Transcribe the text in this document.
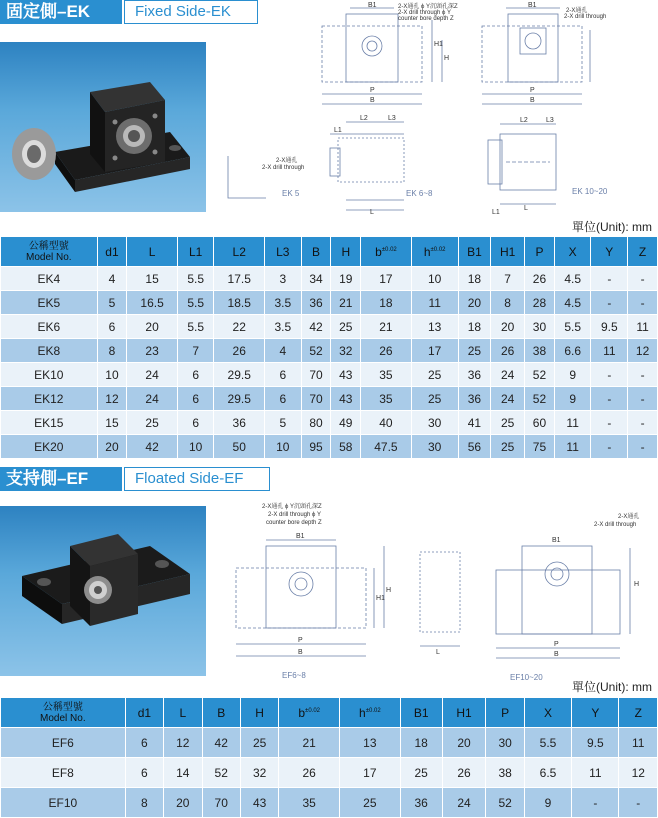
固定側–EK	Fixed Side-EK	2-X通孔 ϕ Y沉頭孔深Z
2-X drill through ϕ Y
counter bore depth Z
2-X通孔
2-X drill through
2-X通孔
2-X drill through
B1
P
B
H1
H
B1
P
B
L2	L3
L1
L
L2	L3
L
L1
EK 5	EK 6~8	EK 10~20
單位(Unit): mm
公稱型號
Model No.	d1	L	L1	L2	L3	B	H	$b^{\pm 0.02}$	$h^{\pm 0.02}$	B1	H1	P	X	Y	Z
EK4	4	15	5.5	17.5	3	34	19	17	10	18	7	26	4.5	-	-
EK5	5	16.5	5.5	18.5	3.5	36	21	18	11	20	8	28	4.5	-	-
EK6	6	20	5.5	22	3.5	42	25	21	13	18	20	30	5.5	9.5	11
EK8	8	23	7	26	4	52	32	26	17	25	26	38	6.6	11	12
EK10	10	24	6	29.5	6	70	43	35	25	36	24	52	9	-	-
EK12	12	24	6	29.5	6	70	43	35	25	36	24	52	9	-	-
EK15	15	25	6	36	5	80	49	40	30	41	25	60	11	-	-
EK20	20	42	10	50	10	95	58	47.5	30	56	25	75	11	-	-
支持側–EF	Floated Side-EF
2-X通孔 ϕ Y沉頭孔深Z
2-X drill through ϕ Y
counter bore depth Z
2-X通孔
2-X drill through
B1
P
B
H1
H
L
B1
P
B
H
EF6~8	EF10~20
單位(Unit): mm
公稱型號
Model No.	d1	L	B	H	$b^{\pm 0.02}$	$h^{\pm 0.02}$	B1	H1	P	X	Y	Z
EF6	6	12	42	25	21	13	18	20	30	5.5	9.5	11
EF8	6	14	52	32	26	17	25	26	38	6.5	11	12
EF10	8	20	70	43	35	25	36	24	52	9	-	-
